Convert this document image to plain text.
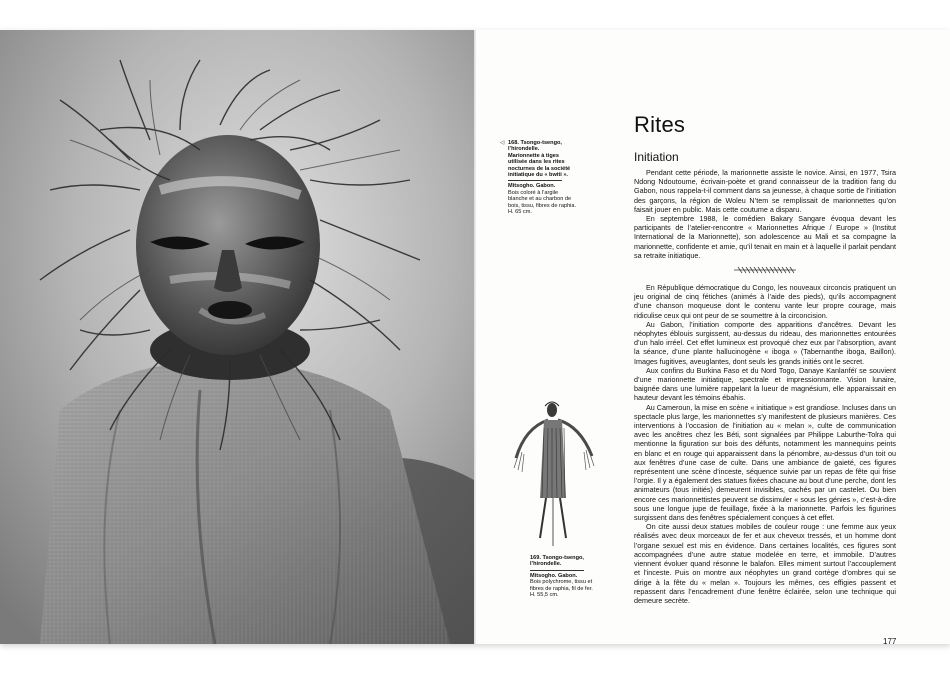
◁ 168. Tsongo-tsengo, l’hirondelle.
Marionnette à tiges utilisée dans les rites nocturnes de la société initiatique du « bwiti ».
Mitsogho. Gabon.
Bois coloré à l’argile blanche et au charbon de bois, tissu, fibres de raphia.
H. 65 cm.
169. Tsongo-tsengo, l’hirondelle.
Mitsogho. Gabon.
Bois polychrome, tissu et fibres de raphia, fil de fer.
H. 55,5 cm.
Rites
Initiation

Pendant cette période, la marionnette assiste le novice. Ainsi, en 1977, Tsira Ndong Ndoutoume, écrivain-poète et grand connaisseur de la tradition fang du Gabon, nous rappela-t-il comment dans sa jeunesse, à chaque sortie de l’initiation des garçons, la région de Woleu N’tem se remplissait de marionnettes qu’on faisait jouer en public. Mais cette coutume a disparu.

En septembre 1988, le comédien Bakary Sangare évoqua devant les participants de l’atelier-rencontre « Marionnettes Afrique / Europe » (Institut International de la Marionnette), son adolescence au Mali et sa compagne la marionnette, confidente et amie, qu’il tenait en main et à laquelle il parlait pendant sa retraite initiatique.

En République démocratique du Congo, les nouveaux circoncis pratiquent un jeu original de cinq fétiches (animés à l’aide des pieds), qu’ils accompagnent d’une chanson moqueuse dont le contenu vante leur propre courage, mais ridiculise ceux qui ont peur de se soumettre à la circoncision.

Au Gabon, l’initiation comporte des apparitions d’ancêtres. Devant les néophytes éblouis surgissent, au-dessus du rideau, des marionnettes entourées d’un halo irréel. Cet effet lumineux est provoqué chez eux par l’absorption, avant la séance, d’une plante hallucinogène « iboga » (Tabernanthe iboga, Baillon). Images fugitives, aveuglantes, dont seuls les grands initiés ont le secret.

Aux confins du Burkina Faso et du Nord Togo, Danaye Kanlanféï se souvient d’une marionnette initiatique, spectrale et impressionnante. Vision lunaire, baignée dans une lumière rappelant la lueur de magnésium, elle apparaissait en hauteur devant les témoins ébahis.

Au Cameroun, la mise en scène « initiatique » est grandiose. Incluses dans un spectacle plus large, les marionnettes s’y manifestent de plusieurs manières. Ces interventions à l’occasion de l’initiation au « melan », culte de communication avec les ancêtres chez les Béti, sont signalées par Philippe Laburthe-Tolra qui mentionne la figuration sur bois des défunts, notamment les mannequins peints en blanc et en rouge qui apparaissent dans la pénombre, au-dessus d’un toit ou aux fenêtres d’une case de culte. Dans une ambiance de gaieté, ces figures représentent une scène d’inceste, séquence suivie par un repas de fête qui frise l’orgie. Il y a également des statues fixées chacune au bout d’une perche, dont les animateurs (tous initiés) demeurent invisibles, cachés par un castelet. Ou bien encore ces marionnettistes peuvent se dissimuler « sous les génies », c’est-à-dire sous une longue jupe de feuillage, fixée à la marionnette. Parfois les figurines surgissent dans des fenêtres spécialement conçues à cet effet.

On cite aussi deux statues mobiles de couleur rouge : une femme aux yeux réalisés avec deux morceaux de fer et aux cheveux tressés, et un homme dont l’organe sexuel est mis en évidence. Dans certaines localités, ces figures sont accompagnées d’une autre statue modelée en terre, et immobile. D’autres viennent évoluer quand résonne le balafon. Elles miment surtout l’accouplement et l’inceste. Puis on montre aux néophytes un grand cortège d’ombres qui se dirige à la fête du « melan ». Toujours les mêmes, ces effigies passent et repassent dans l’encadrement d’une fenêtre éclairée, selon une technique qui demeure secrète.

177
